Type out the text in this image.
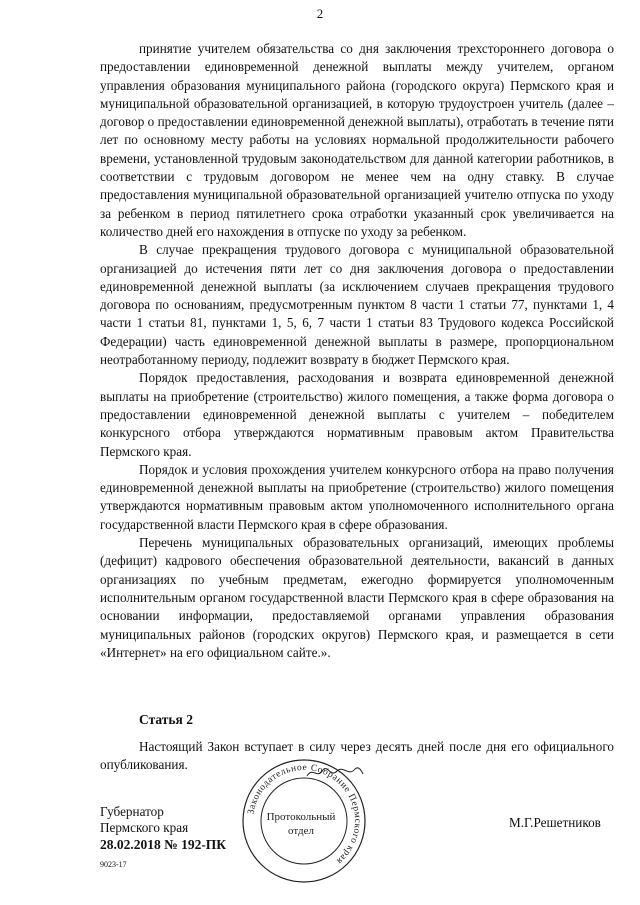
2

принятие учителем обязательства со дня заключения трехстороннего договора о предоставлении единовременной денежной выплаты между учителем, органом управления образования муниципального района (городского округа) Пермского края и муниципальной образовательной организацией, в которую трудоустроен учитель (далее – договор о предоставлении единовременной денежной выплаты), отработать в течение пяти лет по основному месту работы на условиях нормальной продолжительности рабочего времени, установленной трудовым законодательством для данной категории работников, в соответствии с трудовым договором не менее чем на одну ставку. В случае предоставления муниципальной образовательной организацией учителю отпуска по уходу за ребенком в период пятилетнего срока отработки указанный срок увеличивается на количество дней его нахождения в отпуске по уходу за ребенком.

В случае прекращения трудового договора с муниципальной образовательной организацией до истечения пяти лет со дня заключения договора о предоставлении единовременной денежной выплаты (за исключением случаев прекращения трудового договора по основаниям, предусмотренным пунктом 8 части 1 статьи 77, пунктами 1, 4 части 1 статьи 81, пунктами 1, 5, 6, 7 части 1 статьи 83 Трудового кодекса Российской Федерации) часть единовременной денежной выплаты в размере, пропорциональном неотработанному периоду, подлежит возврату в бюджет Пермского края.

Порядок предоставления, расходования и возврата единовременной денежной выплаты на приобретение (строительство) жилого помещения, а также форма договора о предоставлении единовременной денежной выплаты с учителем – победителем конкурсного отбора утверждаются нормативным правовым актом Правительства Пермского края.

Порядок и условия прохождения учителем конкурсного отбора на право получения единовременной денежной выплаты на приобретение (строительство) жилого помещения утверждаются нормативным правовым актом уполномоченного исполнительного органа государственной власти Пермского края в сфере образования.

Перечень муниципальных образовательных организаций, имеющих проблемы (дефицит) кадрового обеспечения образовательной деятельности, вакансий в данных организациях по учебным предметам, ежегодно формируется уполномоченным исполнительным органом государственной власти Пермского края в сфере образования на основании информации, предоставляемой органами управления образования муниципальных районов (городских округов) Пермского края, и размещается в сети «Интернет» на его официальном сайте.».

Статья 2

Настоящий Закон вступает в силу через десять дней после дня его официального опубликования.

Губернатор
Пермского края	М.Г.Решетников
28.02.2018 № 192-ПК
9023-17
Законодательное Собрание Пермского края
Протокольный
отдел
